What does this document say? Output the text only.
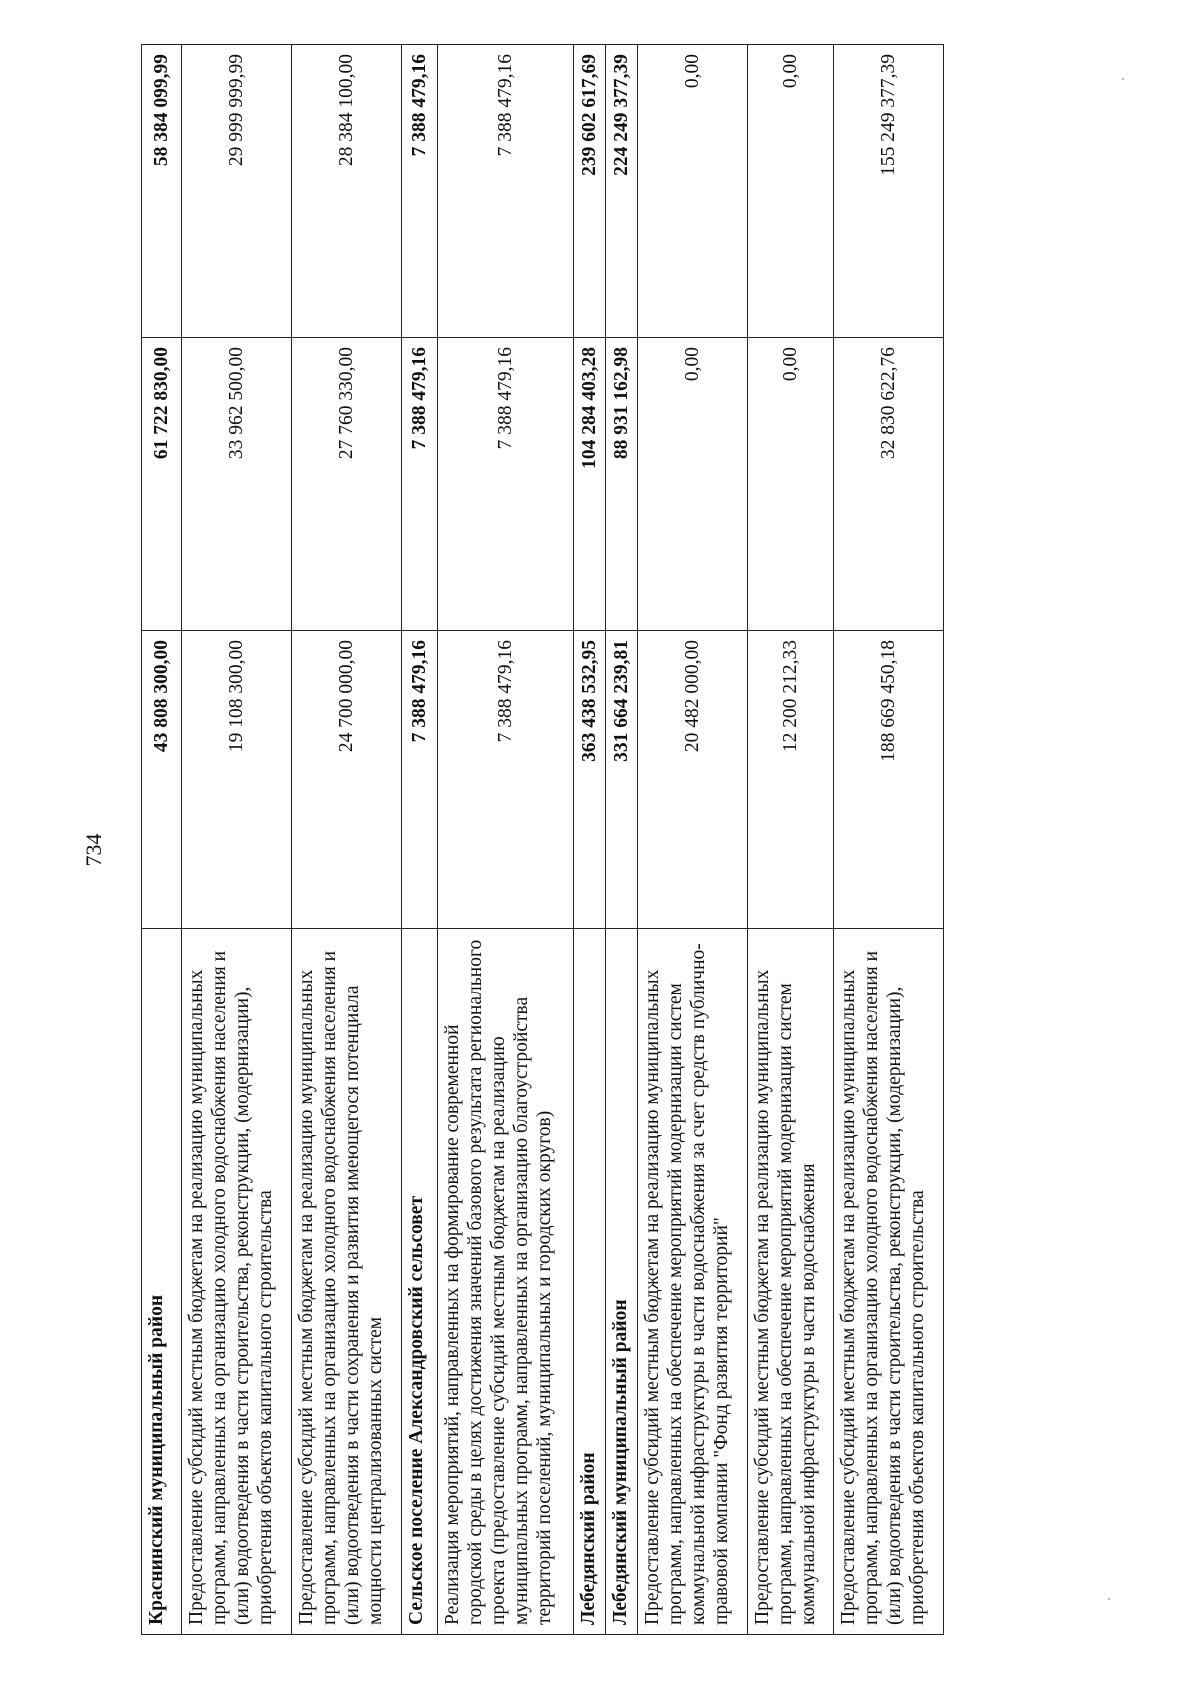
734
Краснинский муниципальный район	43 808 300,00	61 722 830,00	58 384 099,99
Предоставление субсидий местным бюджетам на реализацию муниципальных программ, направленных на организацию холодного водоснабжения населения и (или) водоотведения в части строительства, реконструкции, (модернизации), приобретения объектов капитального строительства	19 108 300,00	33 962 500,00	29 999 999,99
Предоставление субсидий местным бюджетам на реализацию муниципальных программ, направленных на организацию холодного водоснабжения населения и (или) водоотведения в части сохранения и развития имеющегося потенциала мощности централизованных систем	24 700 000,00	27 760 330,00	28 384 100,00
Сельское поселение Александровский сельсовет	7 388 479,16	7 388 479,16	7 388 479,16
Реализация мероприятий, направленных на формирование современной городской среды в целях достижения значений базового результата регионального проекта (предоставление субсидий местным бюджетам на реализацию муниципальных программ, направленных на организацию благоустройства территорий поселений, муниципальных и городских округов)	7 388 479,16	7 388 479,16	7 388 479,16
Лебедянский район	363 438 532,95	104 284 403,28	239 602 617,69
Лебедянский муниципальный район	331 664 239,81	88 931 162,98	224 249 377,39
Предоставление субсидий местным бюджетам на реализацию муниципальных программ, направленных на обеспечение мероприятий модернизации систем коммунальной инфраструктуры в части водоснабжения за счет средств публично-правовой компании "Фонд развития территорий"	20 482 000,00	0,00	0,00
Предоставление субсидий местным бюджетам на реализацию муниципальных программ, направленных на обеспечение мероприятий модернизации систем коммунальной инфраструктуры в части водоснабжения	12 200 212,33	0,00	0,00
Предоставление субсидий местным бюджетам на реализацию муниципальных программ, направленных на организацию холодного водоснабжения населения и (или) водоотведения в части строительства, реконструкции, (модернизации), приобретения объектов капитального строительства	188 669 450,18	32 830 622,76	155 249 377,39
